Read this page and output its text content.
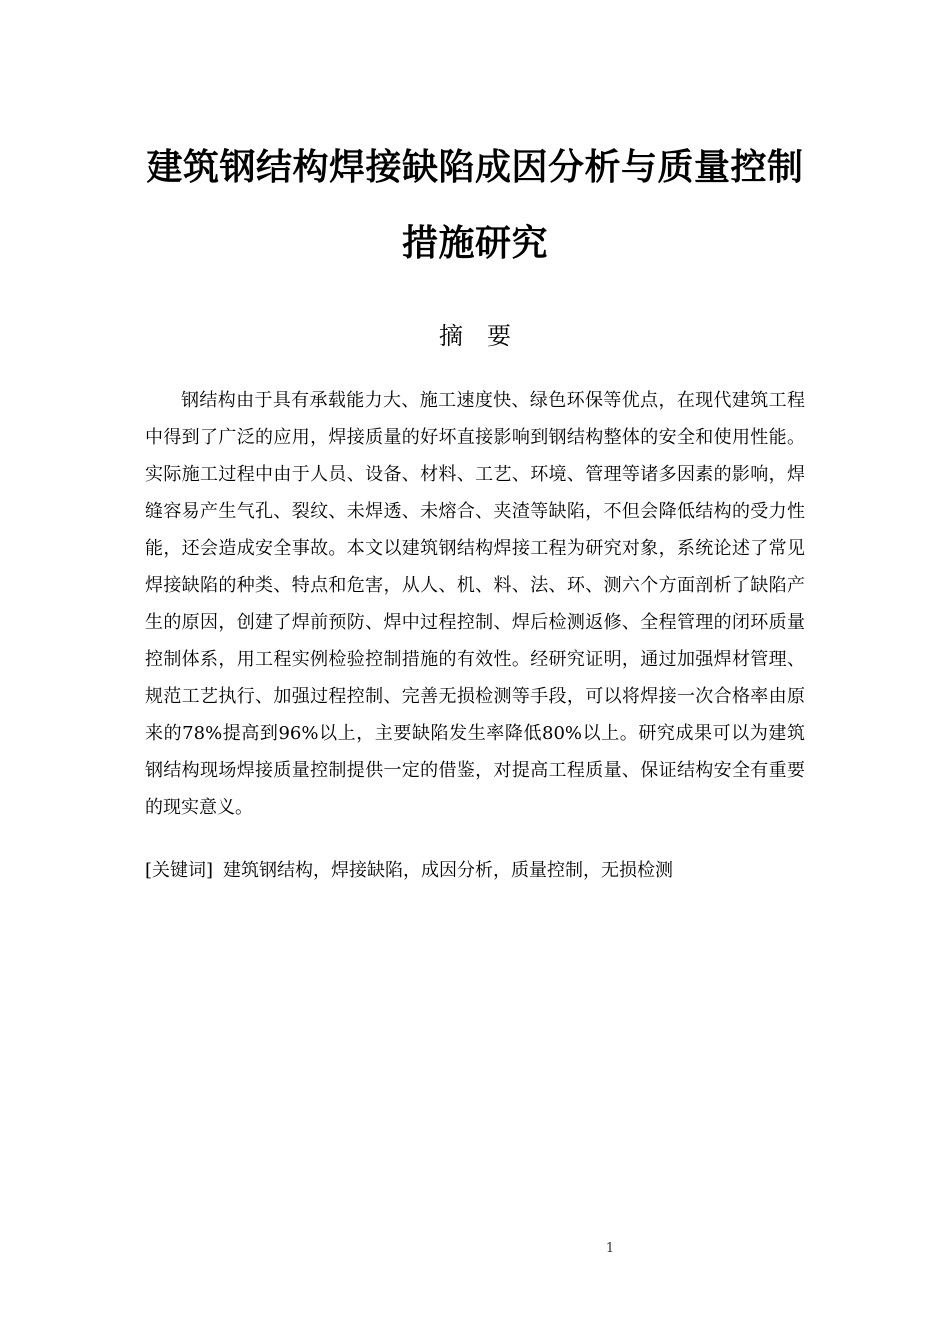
建筑钢结构焊接缺陷成因分析与质量控制
措施研究
摘　要

钢结构由于具有承载能力大、施工速度快、绿色环保等优点，在现代建筑工程中得到了广泛的应用，焊接质量的好坏直接影响到钢结构整体的安全和使用性能。实际施工过程中由于人员、设备、材料、工艺、环境、管理等诸多因素的影响，焊缝容易产生气孔、裂纹、未焊透、未熔合、夹渣等缺陷，不但会降低结构的受力性能，还会造成安全事故。本文以建筑钢结构焊接工程为研究对象，系统论述了常见焊接缺陷的种类、特点和危害，从人、机、料、法、环、测六个方面剖析了缺陷产生的原因，创建了焊前预防、焊中过程控制、焊后检测返修、全程管理的闭环质量控制体系，用工程实例检验控制措施的有效性。经研究证明，通过加强焊材管理、规范工艺执行、加强过程控制、完善无损检测等手段，可以将焊接一次合格率由原来的78%提高到96%以上，主要缺陷发生率降低80%以上。研究成果可以为建筑钢结构现场焊接质量控制提供一定的借鉴，对提高工程质量、保证结构安全有重要的现实意义。

[关键词] 建筑钢结构，焊接缺陷，成因分析，质量控制，无损检测
1
